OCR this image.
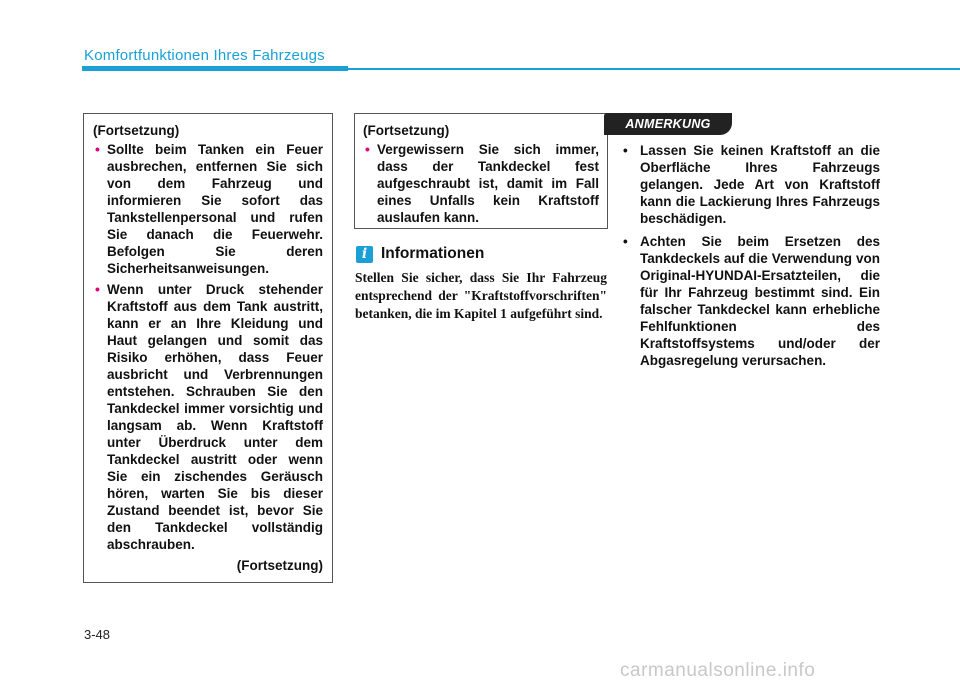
Komfortfunktionen Ihres Fahrzeugs
(Fortsetzung)
• Sollte beim Tanken ein Feuer ausbrechen, entfernen Sie sich von dem Fahrzeug und informieren Sie sofort das Tankstellenpersonal und rufen Sie danach die Feuerwehr. Befolgen Sie deren Sicherheitsanweisungen.
• Wenn unter Druck stehender Kraftstoff aus dem Tank austritt, kann er an Ihre Kleidung und Haut gelangen und somit das Risiko erhöhen, dass Feuer ausbricht und Verbrennungen entstehen. Schrauben Sie den Tankdeckel immer vorsichtig und langsam ab. Wenn Kraftstoff unter Überdruck unter dem Tankdeckel austritt oder wenn Sie ein zischendes Geräusch hören, warten Sie bis dieser Zustand beendet ist, bevor Sie den Tankdeckel vollständig abschrauben.
(Fortsetzung)
(Fortsetzung)
• Vergewissern Sie sich immer, dass der Tankdeckel fest aufgeschraubt ist, damit im Fall eines Unfalls kein Kraftstoff auslaufen kann.
i Informationen
Stellen Sie sicher, dass Sie Ihr Fahrzeug entsprechend der "Kraftstoffvorschriften" betanken, die im Kapitel 1 aufgeführt sind.
ANMERKUNG
• Lassen Sie keinen Kraftstoff an die Oberfläche Ihres Fahrzeugs gelangen. Jede Art von Kraftstoff kann die Lackierung Ihres Fahrzeugs beschädigen.
• Achten Sie beim Ersetzen des Tankdeckels auf die Verwendung von Original-HYUNDAI-Ersatzteilen, die für Ihr Fahrzeug bestimmt sind. Ein falscher Tankdeckel kann erhebliche Fehlfunktionen des Kraftstoffsystems und/oder der Abgasregelung verursachen.
3-48
carmanualsonline.info
